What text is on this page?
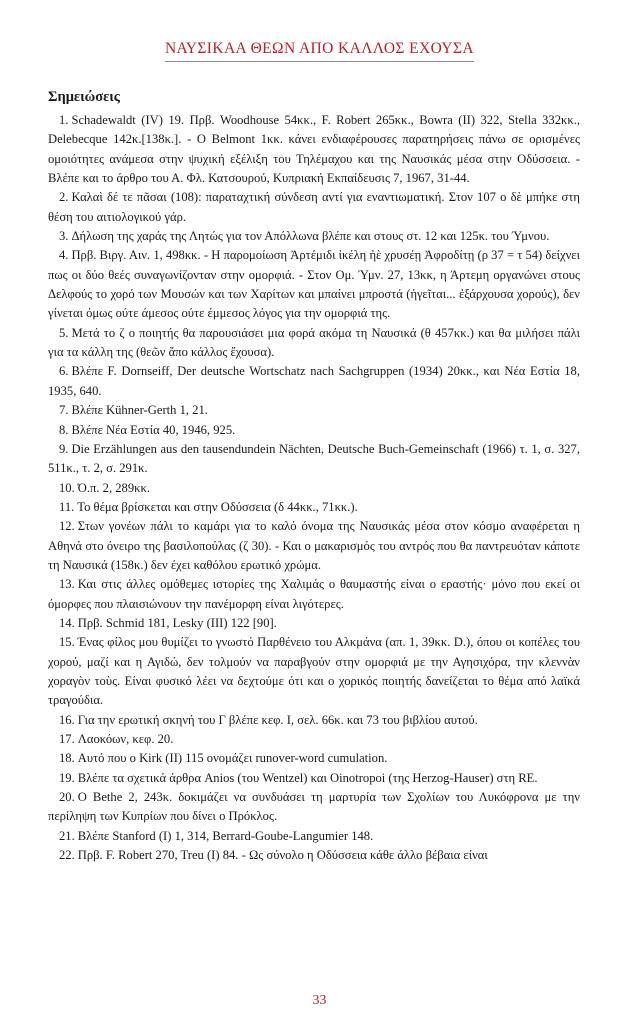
ΝΑΥΣΙΚΑΑ ΘΕΩΝ ΑΠΟ ΚΑΛΛΟΣ ΕΧΟΥΣΑ
Σημειώσεις
1. Schadewaldt (IV) 19. Πρβ. Woodhouse 54κκ., F. Robert 265κκ., Bowra (II) 322, Stella 332κκ., Delebecque 142κ.[138κ.]. - Ο Belmont 1κκ. κάνει ενδιαφέρουσες παρατηρήσεις πάνω σε ορισμένες ομοιότητες ανάμεσα στην ψυχική εξέλιξη του Τηλέμαχου και της Ναυσικάς μέσα στην Οδύσσεια. - Βλέπε και το άρθρο του Α. Φλ. Κατσουρού, Κυπριακή Εκπαίδευσις 7, 1967, 31-44.
2. Καλαὶ δέ τε πᾶσαι (108): παραταχτική σύνδεση αντί για εναντιωματική. Στον 107 ο δὲ μπήκε στη θέση του αιτιολογικού γάρ.
3. Δήλωση της χαράς της Λητώς για τον Απόλλωνα βλέπε και στους στ. 12 και 125κ. του Ύμνου.
4. Πρβ. Βιργ. Αιν. 1, 498κκ. - Η παρομοίωση Ἀρτέμιδι ἰκέλη ἠὲ χρυσέῃ Ἀφροδίτῃ (ρ 37 = τ 54) δείχνει πως οι δύο θεές συναγωνίζονταν στην ομορφιά. - Στον Ομ. Ύμν. 27, 13κκ, η Άρτεμη οργανώνει στους Δελφούς το χορό των Μουσών και των Χαρίτων και μπαίνει μπροστά (ἡγεῖται... ἐξάρχουσα χορούς), δεν γίνεται όμως ούτε άμεσος ούτε έμμεσος λόγος για την ομορφιά της.
5. Μετά το ζ ο ποιητής θα παρουσιάσει μια φορά ακόμα τη Ναυσικά (θ 457κκ.) και θα μιλήσει πάλι για τα κάλλη της (θεῶν ἄπο κάλλος ἔχουσα).
6. Βλέπε F. Dornseiff, Der deutsche Wortschatz nach Sachgruppen (1934) 20κκ., και Νέα Εστία 18, 1935, 640.
7. Βλέπε Kühner-Gerth 1, 21.
8. Βλέπε Νέα Εστία 40, 1946, 925.
9. Die Erzählungen aus den tausendundein Nächten, Deutsche Buch-Gemeinschaft (1966) τ. 1, σ. 327, 511κ., τ. 2, σ. 291κ.
10. Ό.π. 2, 289κκ.
11. Το θέμα βρίσκεται και στην Οδύσσεια (δ 44κκ., 71κκ.).
12. Στων γονέων πάλι το καμάρι για το καλό όνομα της Ναυσικάς μέσα στον κόσμο αναφέρεται η Αθηνά στο όνειρο της βασιλοπούλας (ζ 30). - Και ο μακαρισμός του αντρός που θα παντρευόταν κάποτε τη Ναυσικά (158κ.) δεν έχει καθόλου ερωτικό χρώμα.
13. Και στις άλλες ομόθεμες ιστορίες της Χαλιμάς ο θαυμαστής είναι ο εραστής· μόνο που εκεί οι όμορφες που πλαισιώνουν την πανέμορφη είναι λιγότερες.
14. Πρβ. Schmid 181, Lesky (III) 122 [90].
15. Ένας φίλος μου θυμίζει το γνωστό Παρθένειο του Αλκμάνα (απ. 1, 39κκ. D.), όπου οι κοπέλες του χορού, μαζί και η Αγιδώ, δεν τολμούν να παραβγούν στην ομορφιά με την Αγησιχόρα, την κλεννὰν χοραγὸν τοὺς. Είναι φυσικό λέει να δεχτούμε ότι και ο χορικός ποιητής δανείζεται το θέμα από λαϊκά τραγούδια.
16. Για την ερωτική σκηνή του Γ βλέπε κεφ. I, σελ. 66κ. και 73 του βιβλίου αυτού.
17. Λαοκόων, κεφ. 20.
18. Αυτό που ο Kirk (II) 115 ονομάζει runover-word cumulation.
19. Βλέπε τα σχετικά άρθρα Anios (του Wentzel) και Oinotropoi (της Herzog-Hauser) στη RE.
20. Ο Bethe 2, 243κ. δοκιμάζει να συνδυάσει τη μαρτυρία των Σχολίων του Λυκόφρονα με την περίληψη των Κυπρίων που δίνει ο Πρόκλος.
21. Βλέπε Stanford (I) 1, 314, Berrard-Goube-Langumier 148.
22. Πρβ. F. Robert 270, Treu (I) 84. - Ως σύνολο η Οδύσσεια κάθε άλλο βέβαια είναι
33
